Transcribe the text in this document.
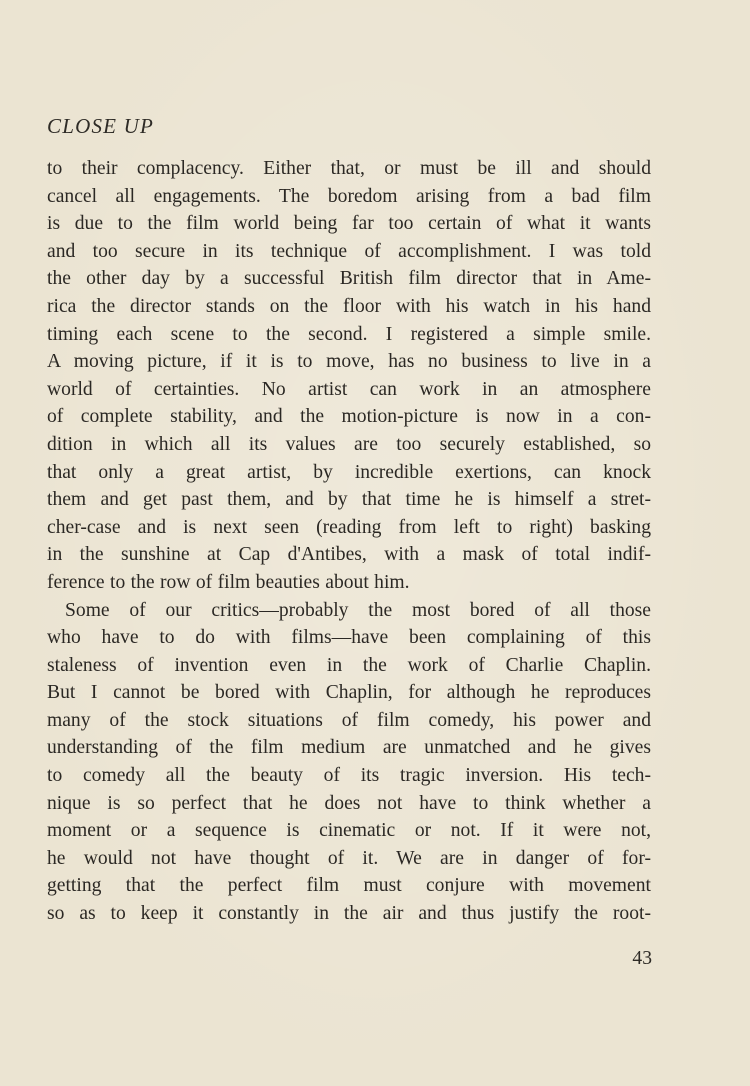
CLOSE UP
to their complacency. Either that, or must be ill and should
cancel all engagements. The boredom arising from a bad film
is due to the film world being far too certain of what it wants
and too secure in its technique of accomplishment. I was told
the other day by a successful British film director that in Ame-
rica the director stands on the floor with his watch in his hand
timing each scene to the second. I registered a simple smile.
A moving picture, if it is to move, has no business to live in a
world of certainties. No artist can work in an atmosphere
of complete stability, and the motion-picture is now in a con-
dition in which all its values are too securely established, so
that only a great artist, by incredible exertions, can knock
them and get past them, and by that time he is himself a stret-
cher-case and is next seen (reading from left to right) basking
in the sunshine at Cap d'Antibes, with a mask of total indif-
ference to the row of film beauties about him.
Some of our critics—probably the most bored of all those
who have to do with films—have been complaining of this
staleness of invention even in the work of Charlie Chaplin.
But I cannot be bored with Chaplin, for although he reproduces
many of the stock situations of film comedy, his power and
understanding of the film medium are unmatched and he gives
to comedy all the beauty of its tragic inversion. His tech-
nique is so perfect that he does not have to think whether a
moment or a sequence is cinematic or not. If it were not,
he would not have thought of it. We are in danger of for-
getting that the perfect film must conjure with movement
so as to keep it constantly in the air and thus justify the root-
43
